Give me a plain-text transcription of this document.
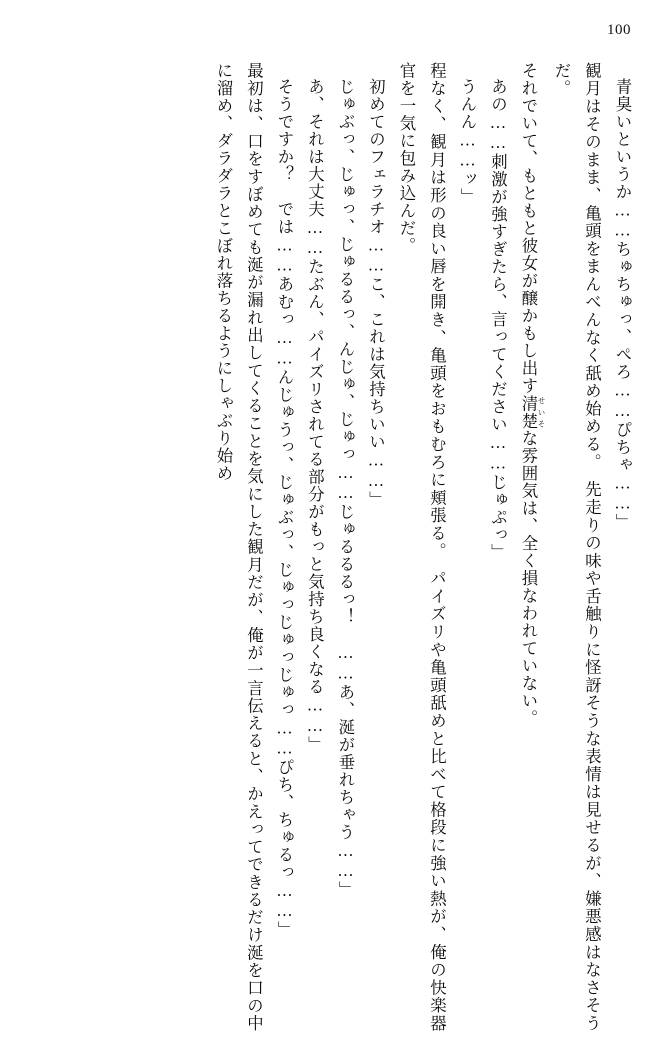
100

青臭いというか……ちゅちゅっ、ぺろ……ぴちゃ……」

観月はそのまま、亀頭をまんべんなく舐め始める。　先走りの味や舌触りに怪訝そうな表情は見せるが、嫌悪感はなさそうだ。

それでいて、もともと彼女が醸かもし出す清楚 せいそな雰囲気は、全く損なわれていない。

あの……刺激が強すぎたら、言ってください……じゅぷっ」

うんん……ッ」

程なく、観月は形の良い唇を開き、亀頭をおもむろに頬張る。　パイズリや亀頭舐めと比べて格段に強い熱が、俺の快楽器官を一気に包み込んだ。

初めてのフェラチオ……こ、これは気持ちいい……」

じゅぶっ、じゅっ、じゅるるっ、んじゅ、じゅっ……じゅるるるっ！　……あ、涎が垂れちゃう……」

あ、それは大丈夫……たぶん、パイズリされてる部分がもっと気持ち良くなる……」

そうですか？　では……あむっ……んじゅうっ、じゅぶっ、じゅっじゅっじゅっ……ぴち、ちゅるっ……」

最初は、口をすぼめても涎が漏れ出してくることを気にした観月だが、俺が一言伝えると、かえってできるだけ涎を口の中に溜め、ダラダラとこぼれ落ちるようにしゃぶり始め
